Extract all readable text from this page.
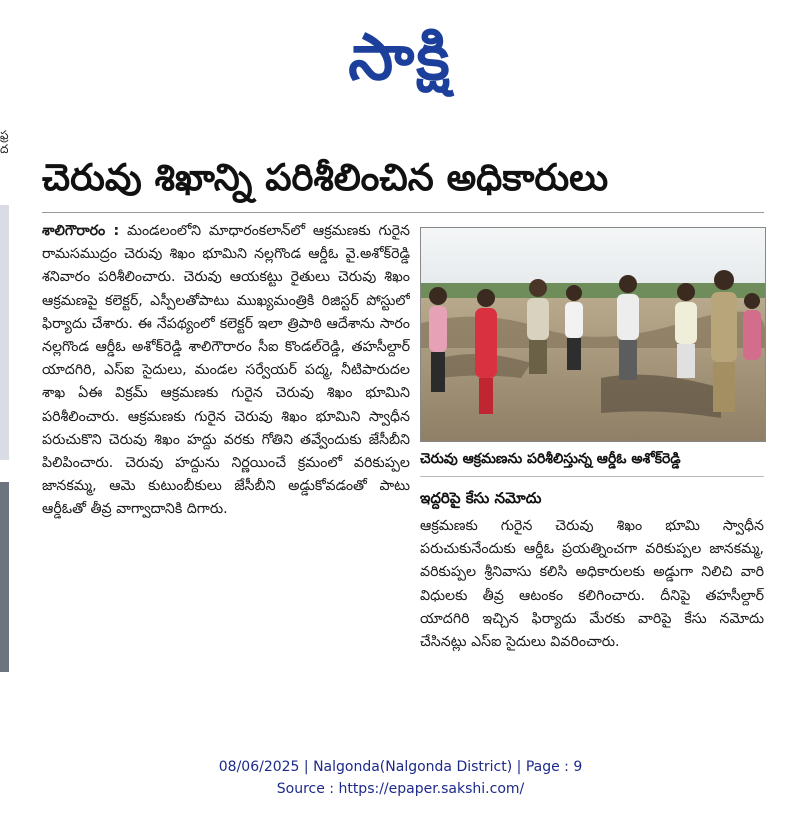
సాక్షి
ఫ్ర ద
చెరువు శిఖాన్ని పరిశీలించిన అధికారులు
శాలిగౌరారం : మండలంలోని మాధారంకలాన్‌లో ఆక్రమణకు గురైన రామసముద్రం చెరువు శిఖం భూమిని నల్లగొండ ఆర్డీఓ వై.అశోక్‌రెడ్డి శనివారం పరిశీలించారు. చెరువు ఆయకట్టు రైతులు చెరువు శిఖం ఆక్రమణపై కలెక్టర్, ఎస్పీలతోపాటు ముఖ్యమంత్రికి రిజిస్టర్ పోస్టులో ఫిర్యాదు చేశారు. ఈ నేపథ్యంలో కలెక్టర్ ఇలా త్రిపాఠి ఆదేశాను సారం నల్లగొండ ఆర్డీఓ అశోక్‌రెడ్డి శాలిగౌరారం సీఐ కొండల్‌రెడ్డి, తహసీల్దార్ యాదగిరి, ఎస్ఐ సైదులు, మండల సర్వేయర్ పద్మ, నీటిపారుదల శాఖ ఏఈ విక్రమ్ ఆక్రమణకు గురైన చెరువు శిఖం భూమిని పరిశీలించారు. ఆక్రమణకు గురైన చెరువు శిఖం భూమిని స్వాధీన పరుచుకొని చెరువు శిఖం హద్దు వరకు గోతిని తవ్వేందుకు జేసీబీని పిలిపించారు. చెరువు హద్దును నిర్ణయించే క్రమంలో వరికుప్పల జానకమ్మ, ఆమె కుటుంబీకులు జేసీబీని అడ్డుకోవడంతో పాటు ఆర్డీఓతో తీవ్ర వాగ్వాదానికి దిగారు.
చెరువు ఆక్రమణను పరిశీలిస్తున్న ఆర్డీఓ అశోక్‌రెడ్డి
ఇద్దరిపై కేసు నమోదు
ఆక్రమణకు గురైన చెరువు శిఖం భూమి స్వాధీన పరుచుకునేందుకు ఆర్డీఓ ప్రయత్నించగా వరికుప్పల జానకమ్మ, వరికుప్పల శ్రీనివాసు కలిసి అధికారులకు అడ్డుగా నిలిచి వారి విధులకు తీవ్ర ఆటంకం కలిగించారు. దీనిపై తహసీల్దార్ యాదగిరి ఇచ్చిన ఫిర్యాదు మేరకు వారిపై కేసు నమోదు చేసినట్లు ఎస్ఐ సైదులు వివరించారు.
08/06/2025 | Nalgonda(Nalgonda District) | Page : 9
Source : https://epaper.sakshi.com/
